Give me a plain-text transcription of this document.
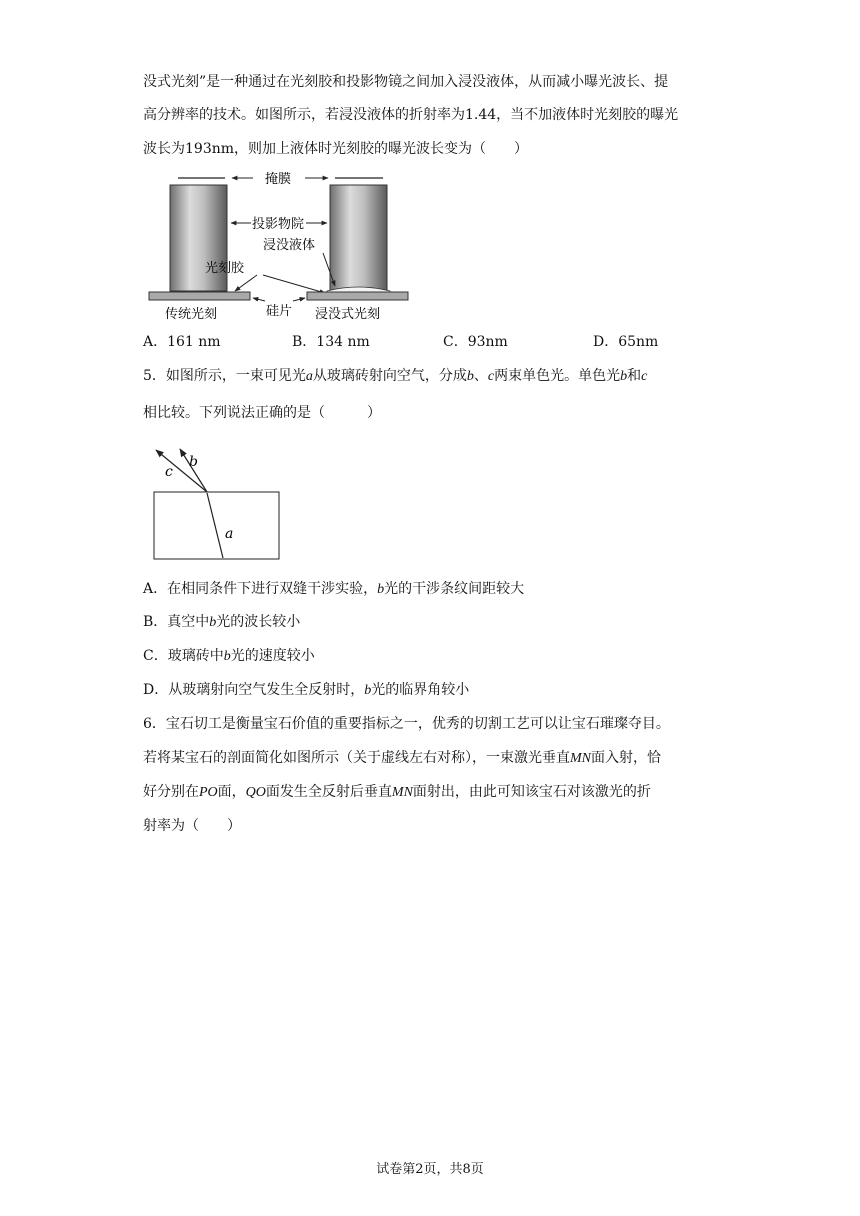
没式光刻”是一种通过在光刻胶和投影物镜之间加入浸没液体，从而减小曝光波长、提
高分辨率的技术。如图所示，若浸没液体的折射率为1.44，当不加液体时光刻胶的曝光
波长为193nm，则加上液体时光刻胶的曝光波长变为（　　）
掩膜
投影物院
浸没液体
光刻胶
硅片
传统光刻	浸没式光刻
A．161 nm	B．134 nm	C．93nm	D．65nm
5．如图所示，一束可见光a从玻璃砖射向空气，分成b、c两束单色光。单色光b和c
相比较。下列说法正确的是（　　　）
a
b
c
A．在相同条件下进行双缝干涉实验，b光的干涉条纹间距较大
B．真空中b光的波长较小
C．玻璃砖中b光的速度较小
D．从玻璃射向空气发生全反射时，b光的临界角较小
6．宝石切工是衡量宝石价值的重要指标之一，优秀的切割工艺可以让宝石璀璨夺目。
若将某宝石的剖面简化如图所示（关于虚线左右对称），一束激光垂直MN面入射，恰
好分别在PO面，QO面发生全反射后垂直MN面射出，由此可知该宝石对该激光的折
射率为（　　）
试卷第2页，共8页
